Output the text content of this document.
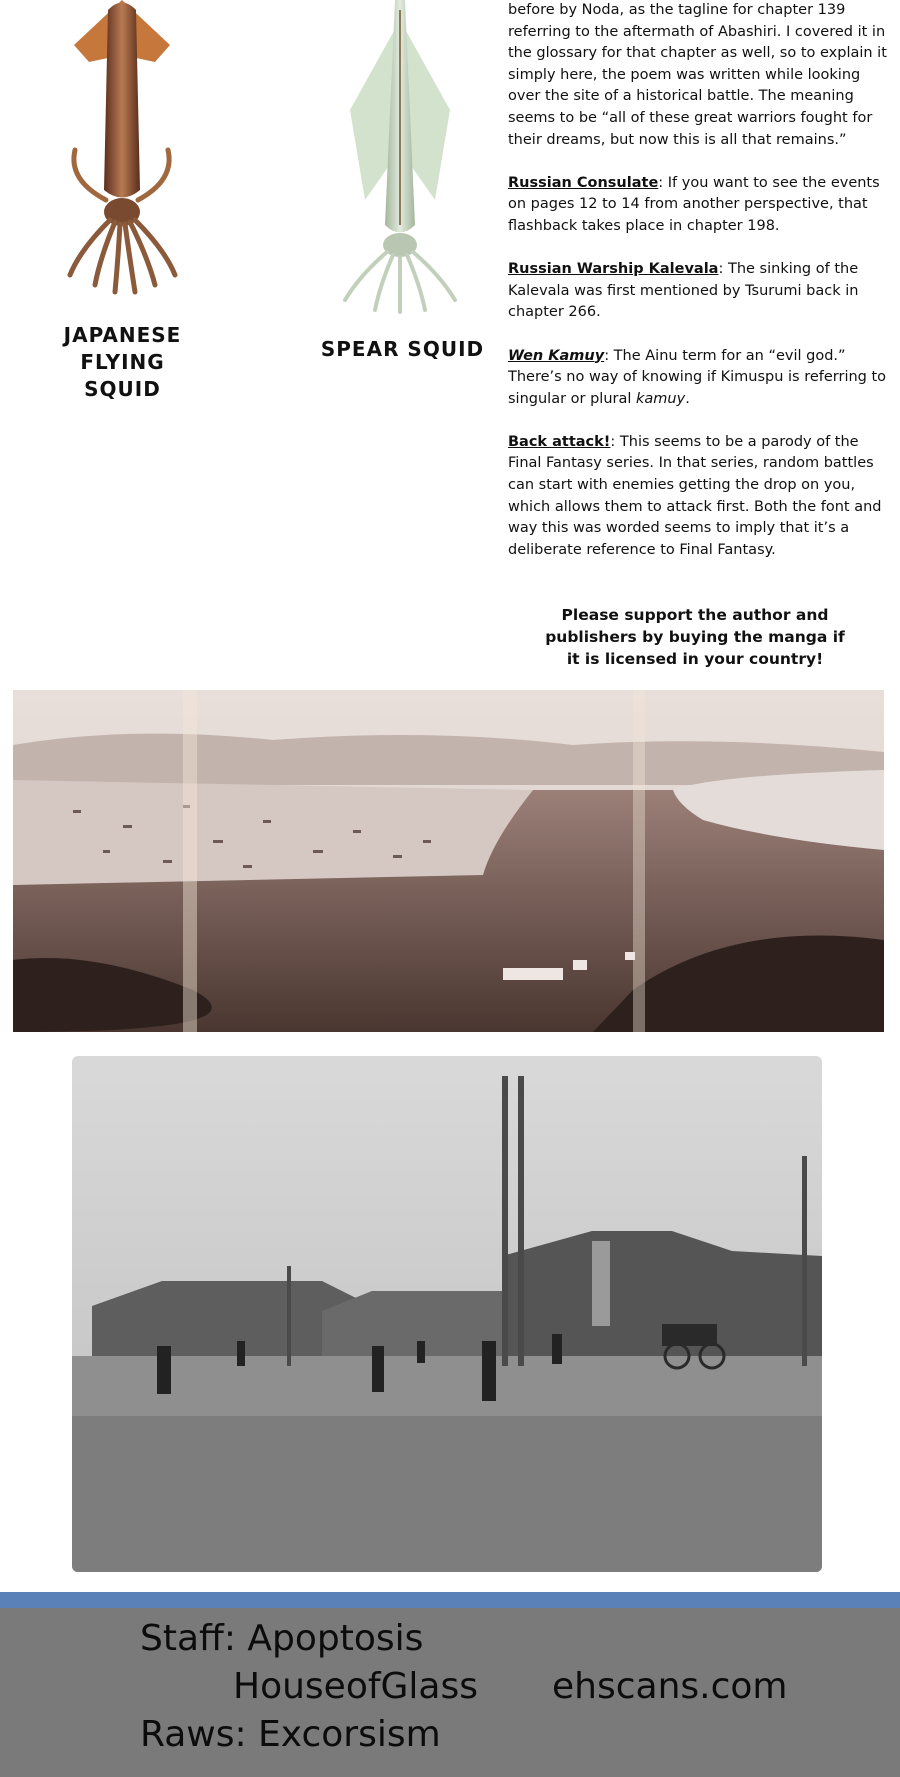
JAPANESE
FLYING SQUID
SPEAR SQUID

before by Noda, as the tagline for chapter 139 referring to the aftermath of Abashiri. I covered it in the glossary for that chapter as well, so to explain it simply here, the poem was written while looking over the site of a historical battle. The meaning seems to be “all of these great warriors fought for their dreams, but now this is all that remains.”

Russian Consulate: If you want to see the events on pages 12 to 14 from another perspective, that flashback takes place in chapter 198.

Russian Warship Kalevala: The sinking of the Kalevala was first mentioned by Tsurumi back in chapter 266.

Wen Kamuy: The Ainu term for an “evil god.” There’s no way of knowing if Kimuspu is referring to singular or plural kamuy.

Back attack!: This seems to be a parody of the Final Fantasy series. In that series, random battles can start with enemies getting the drop on you, which allows them to attack first. Both the font and way this was worded seems to imply that it’s a deliberate reference to Final Fantasy.

Please support the author and publishers by buying the manga if it is licensed in your country!
Staff: Apoptosis
HouseofGlass ehscans.com
Raws: Excorsism
